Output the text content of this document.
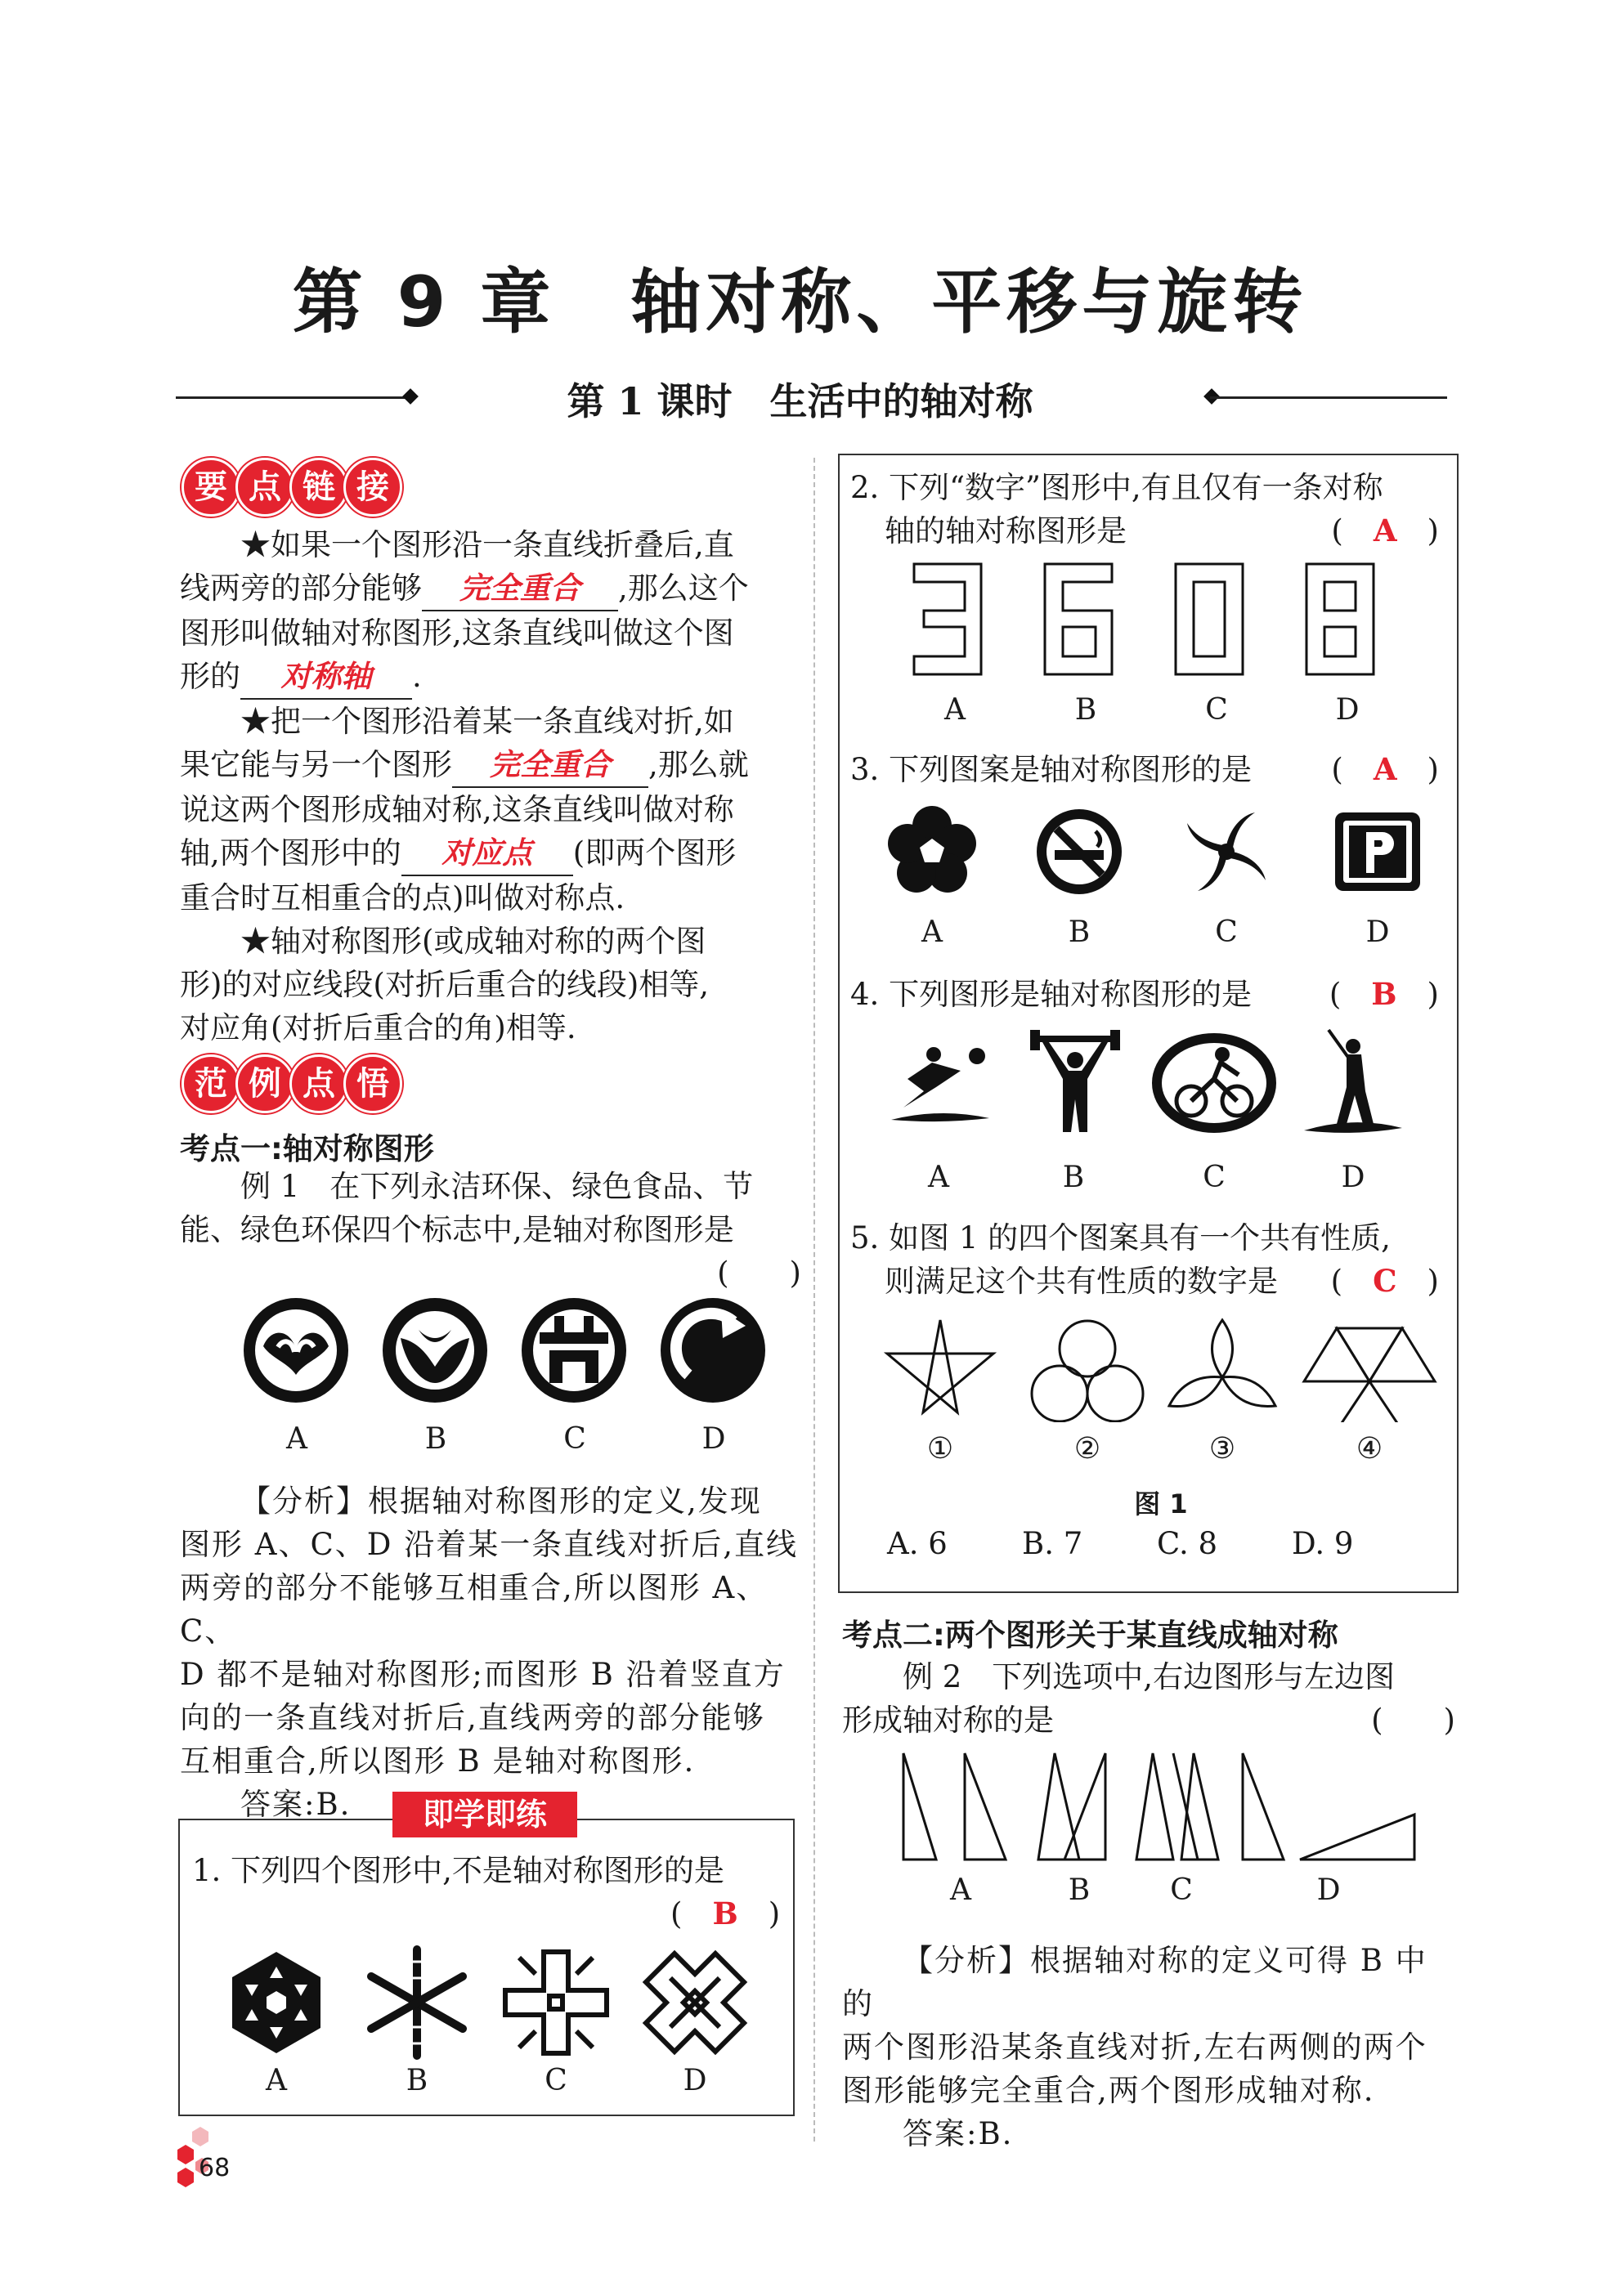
第 9 章　轴对称、平移与旋转
第 1 课时　生活中的轴对称
要 点 链 接
★如果一个图形沿一条直线折叠后,直
线两旁的部分能够 完全重合 ,那么这个
图形叫做轴对称图形,这条直线叫做这个图
形的 对称轴 .
★把一个图形沿着某一条直线对折,如
果它能与另一个图形 完全重合 ,那么就
说这两个图形成轴对称,这条直线叫做对称
轴,两个图形中的 对应点 (即两个图形
重合时互相重合的点)叫做对称点.
★轴对称图形(或成轴对称的两个图
形)的对应线段(对折后重合的线段)相等,
对应角(对折后重合的角)相等.
范 例 点 悟
考点一:轴对称图形
例 1　在下列永洁环保、绿色食品、节
能、绿色环保四个标志中,是轴对称图形是
(　　)
A	B	C	D
【分析】根据轴对称图形的定义,发现
图形 A、C、D 沿着某一条直线对折后,直线
两旁的部分不能够互相重合,所以图形 A、C、
D 都不是轴对称图形;而图形 B 沿着竖直方
向的一条直线对折后,直线两旁的部分能够
互相重合,所以图形 B 是轴对称图形.
答案:B.	即学即练
1. 下列四个图形中,不是轴对称图形的是
(　B　)
A	B	C	D
2. 下列“数字”图形中,有且仅有一条对称
轴的轴对称图形是	(　A　)
A	B	C	D
3. 下列图案是轴对称图形的是	(　A　)
A	B	C	D
4. 下列图形是轴对称图形的是	(　B　)
A	B	C	D
5. 如图 1 的四个图案具有一个共有性质,
则满足这个共有性质的数字是 (　C　)
①	②	③	④
图 1
A. 6 B. 7 C. 8 D. 9
考点二:两个图形关于某直线成轴对称
例 2　下列选项中,右边图形与左边图
形成轴对称的是	(　　)
A	B	C	D
【分析】根据轴对称的定义可得 B 中的
两个图形沿某条直线对折,左右两侧的两个
图形能够完全重合,两个图形成轴对称.
答案:B.
68
